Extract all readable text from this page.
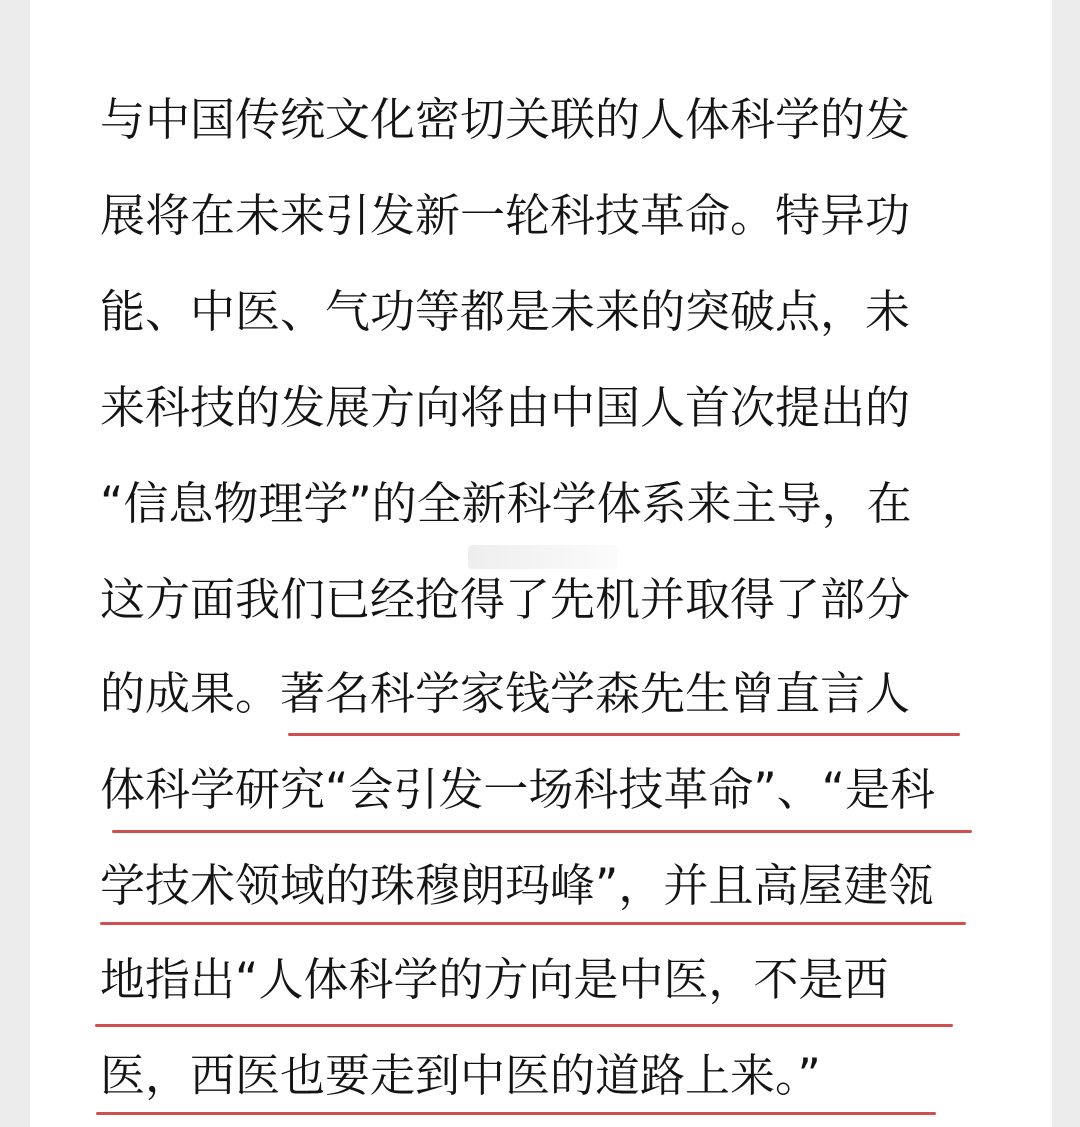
与中国传统文化密切关联的人体科学的发

展将在未来引发新一轮科技革命。特异功

能、中医、气功等都是未来的突破点，未

来科技的发展方向将由中国人首次提出的

“信息物理学”的全新科学体系来主导，在

这方面我们已经抢得了先机并取得了部分

的成果。著名科学家钱学森先生曾直言人

体科学研究“会引发一场科技革命”、“是科

学技术领域的珠穆朗玛峰”，并且高屋建瓴

地指出“人体科学的方向是中医，不是西

医，西医也要走到中医的道路上来。”
